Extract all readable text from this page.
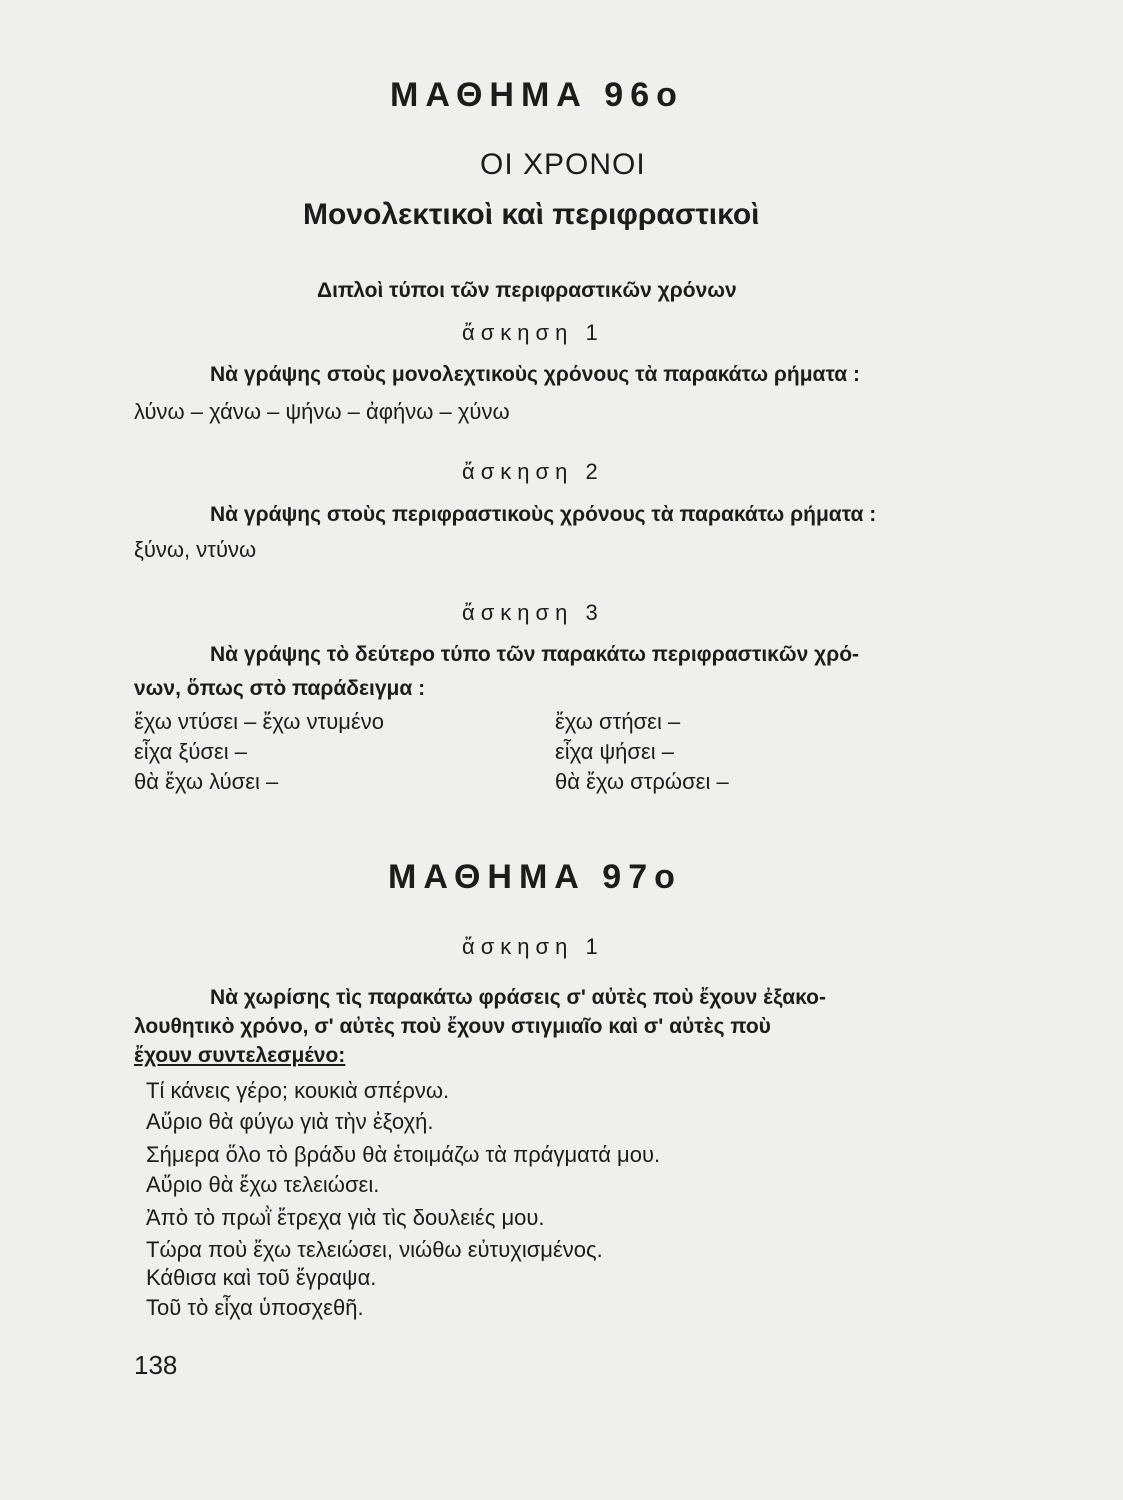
ΜΑΘΗΜΑ 96ο
ΟΙ ΧΡΟΝΟΙ
Μονολεκτικοὶ καὶ περιφραστικοὶ
Διπλοὶ τύποι τῶν περιφραστικῶν χρόνων
ἄσκηση 1
Νὰ γράψης στοὺς μονολεχτικοὺς χρόνους τὰ παρακάτω ρήματα :
λύνω – χάνω – ψήνω – ἀφήνω – χύνω
ἄσκηση 2
Νὰ γράψης στοὺς περιφραστικοὺς χρόνους τὰ παρακάτω ρήματα :
ξύνω, ντύνω
ἄσκηση 3
Νὰ γράψης τὸ δεύτερο τύπο τῶν παρακάτω περιφραστικῶν χρό-
νων, ὅπως στὸ παράδειγμα :
ἔχω ντύσει – ἔχω ντυμένο
εἶχα ξύσει –
θὰ ἔχω λύσει –
ἔχω στήσει –
εἶχα ψήσει –
θὰ ἔχω στρώσει –
ΜΑΘΗΜΑ 97ο
ἄσκηση 1
Νὰ χωρίσης τὶς παρακάτω φράσεις σ' αὐτὲς ποὺ ἔχουν ἐξακο-
λουθητικὸ χρόνο, σ' αὐτὲς ποὺ ἔχουν στιγμιαῖο καὶ σ' αὐτὲς ποὺ
ἔχουν συντελεσμένο:
Τί κάνεις γέρο; κουκιὰ σπέρνω.
Αὔριο θὰ φύγω γιὰ τὴν ἐξοχή.
Σήμερα ὅλο τὸ βράδυ θὰ ἑτοιμάζω τὰ πράγματά μου.
Αὔριο θὰ ἔχω τελειώσει.
Ἀπὸ τὸ πρωῒ ἔτρεχα γιὰ τὶς δουλειές μου.
Τώρα ποὺ ἔχω τελειώσει, νιώθω εὐτυχισμένος.
Κάθισα καὶ τοῦ ἔγραψα.
Τοῦ τὸ εἶχα ὑποσχεθῆ.
138
